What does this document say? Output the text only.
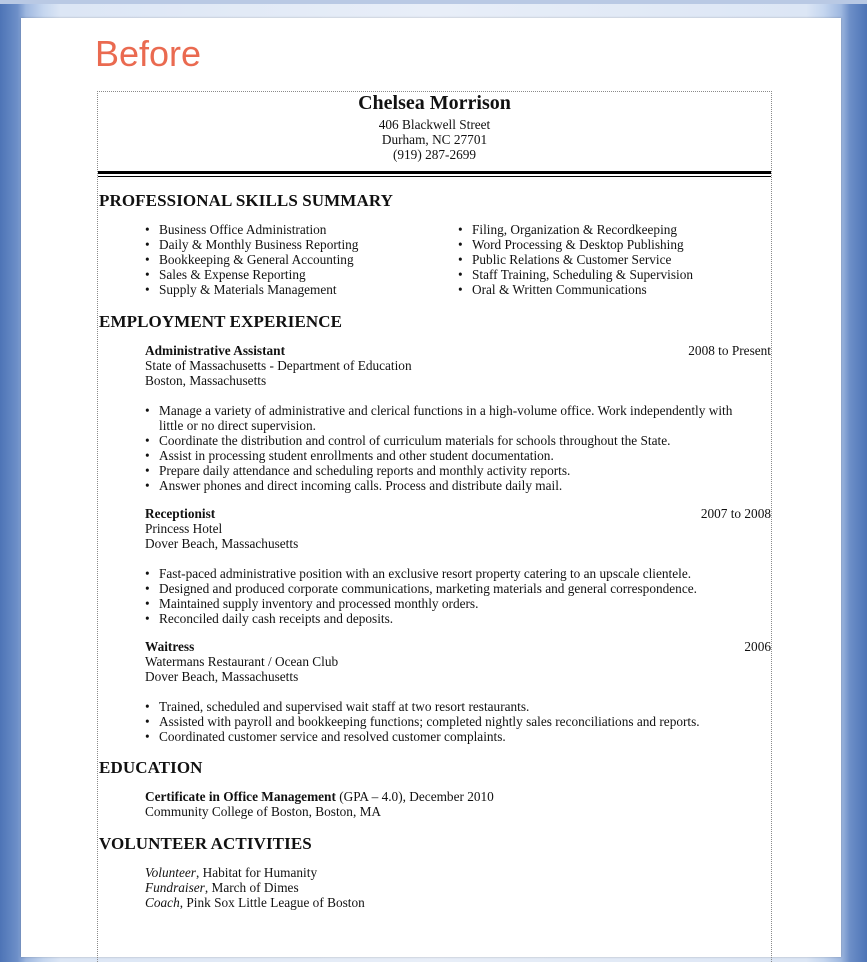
Before
Chelsea Morrison
406 Blackwell Street
Durham, NC 27701
(919) 287-2699
PROFESSIONAL SKILLS SUMMARY
• Business Office Administration
• Daily & Monthly Business Reporting
• Bookkeeping & General Accounting
• Sales & Expense Reporting
• Supply & Materials Management
• Filing, Organization & Recordkeeping
• Word Processing & Desktop Publishing
• Public Relations & Customer Service
• Staff Training, Scheduling & Supervision
• Oral & Written Communications
EMPLOYMENT EXPERIENCE
Administrative Assistant	2008 to Present
State of Massachusetts - Department of Education
Boston, Massachusetts
• Manage a variety of administrative and clerical functions in a high-volume office. Work independently with little or no direct supervision.
• Coordinate the distribution and control of curriculum materials for schools throughout the State.
• Assist in processing student enrollments and other student documentation.
• Prepare daily attendance and scheduling reports and monthly activity reports.
• Answer phones and direct incoming calls. Process and distribute daily mail.
Receptionist	2007 to 2008
Princess Hotel
Dover Beach, Massachusetts
• Fast-paced administrative position with an exclusive resort property catering to an upscale clientele.
• Designed and produced corporate communications, marketing materials and general correspondence.
• Maintained supply inventory and processed monthly orders.
• Reconciled daily cash receipts and deposits.
Waitress	2006
Watermans Restaurant / Ocean Club
Dover Beach, Massachusetts
• Trained, scheduled and supervised wait staff at two resort restaurants.
• Assisted with payroll and bookkeeping functions; completed nightly sales reconciliations and reports.
• Coordinated customer service and resolved customer complaints.
EDUCATION
Certificate in Office Management (GPA – 4.0), December 2010
Community College of Boston, Boston, MA
VOLUNTEER ACTIVITIES
Volunteer, Habitat for Humanity
Fundraiser, March of Dimes
Coach, Pink Sox Little League of Boston
